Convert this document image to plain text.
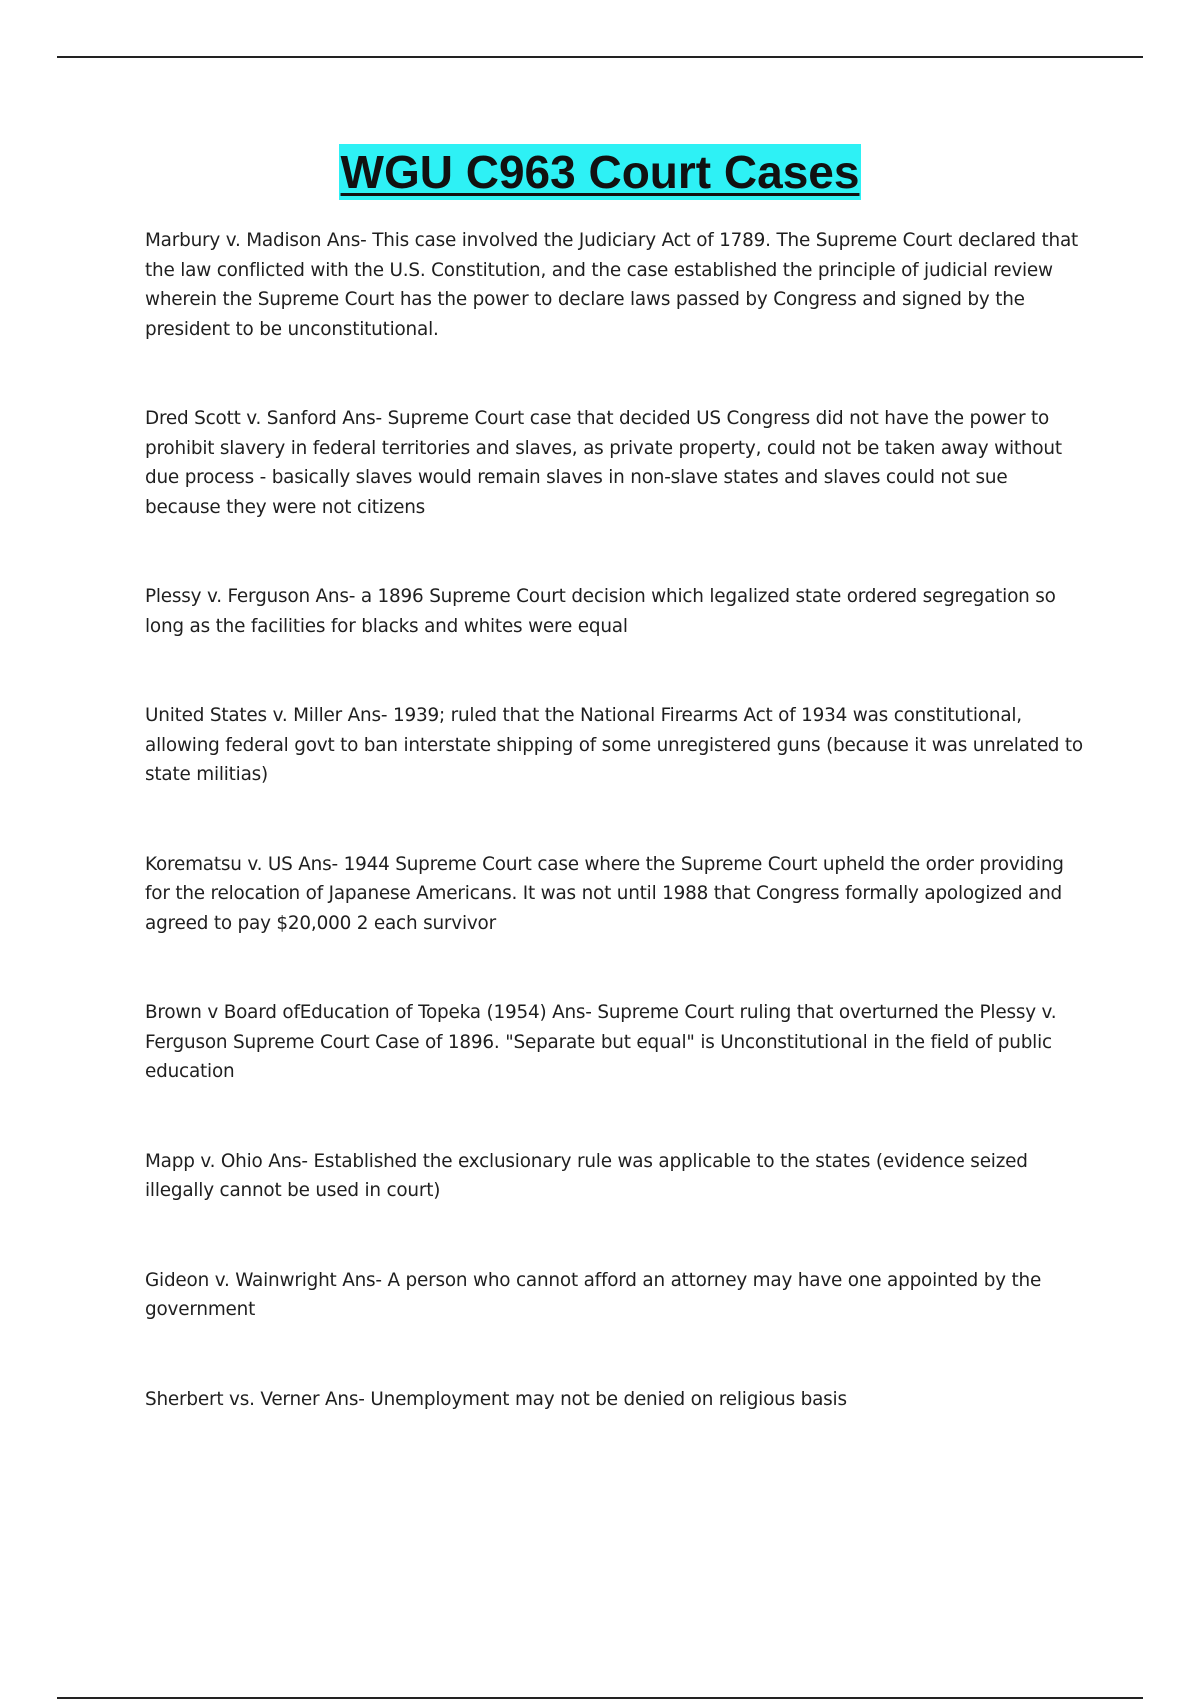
WGU C963 Court Cases

Marbury v. Madison Ans- This case involved the Judiciary Act of 1789. The Supreme Court declared that the law conflicted with the U.S. Constitution, and the case established the principle of judicial review wherein the Supreme Court has the power to declare laws passed by Congress and signed by the president to be unconstitutional.

Dred Scott v. Sanford Ans- Supreme Court case that decided US Congress did not have the power to prohibit slavery in federal territories and slaves, as private property, could not be taken away without due process - basically slaves would remain slaves in non-slave states and slaves could not sue because they were not citizens

Plessy v. Ferguson Ans- a 1896 Supreme Court decision which legalized state ordered segregation so long as the facilities for blacks and whites were equal

United States v. Miller Ans- 1939; ruled that the National Firearms Act of 1934 was constitutional, allowing federal govt to ban interstate shipping of some unregistered guns (because it was unrelated to state militias)

Korematsu v. US Ans- 1944 Supreme Court case where the Supreme Court upheld the order providing for the relocation of Japanese Americans. It was not until 1988 that Congress formally apologized and agreed to pay $20,000 2 each survivor

Brown v Board ofEducation of Topeka (1954) Ans- Supreme Court ruling that overturned the Plessy v. Ferguson Supreme Court Case of 1896. "Separate but equal" is Unconstitutional in the field of public education

Mapp v. Ohio Ans- Established the exclusionary rule was applicable to the states (evidence seized illegally cannot be used in court)

Gideon v. Wainwright Ans- A person who cannot afford an attorney may have one appointed by the government

Sherbert vs. Verner Ans- Unemployment may not be denied on religious basis
